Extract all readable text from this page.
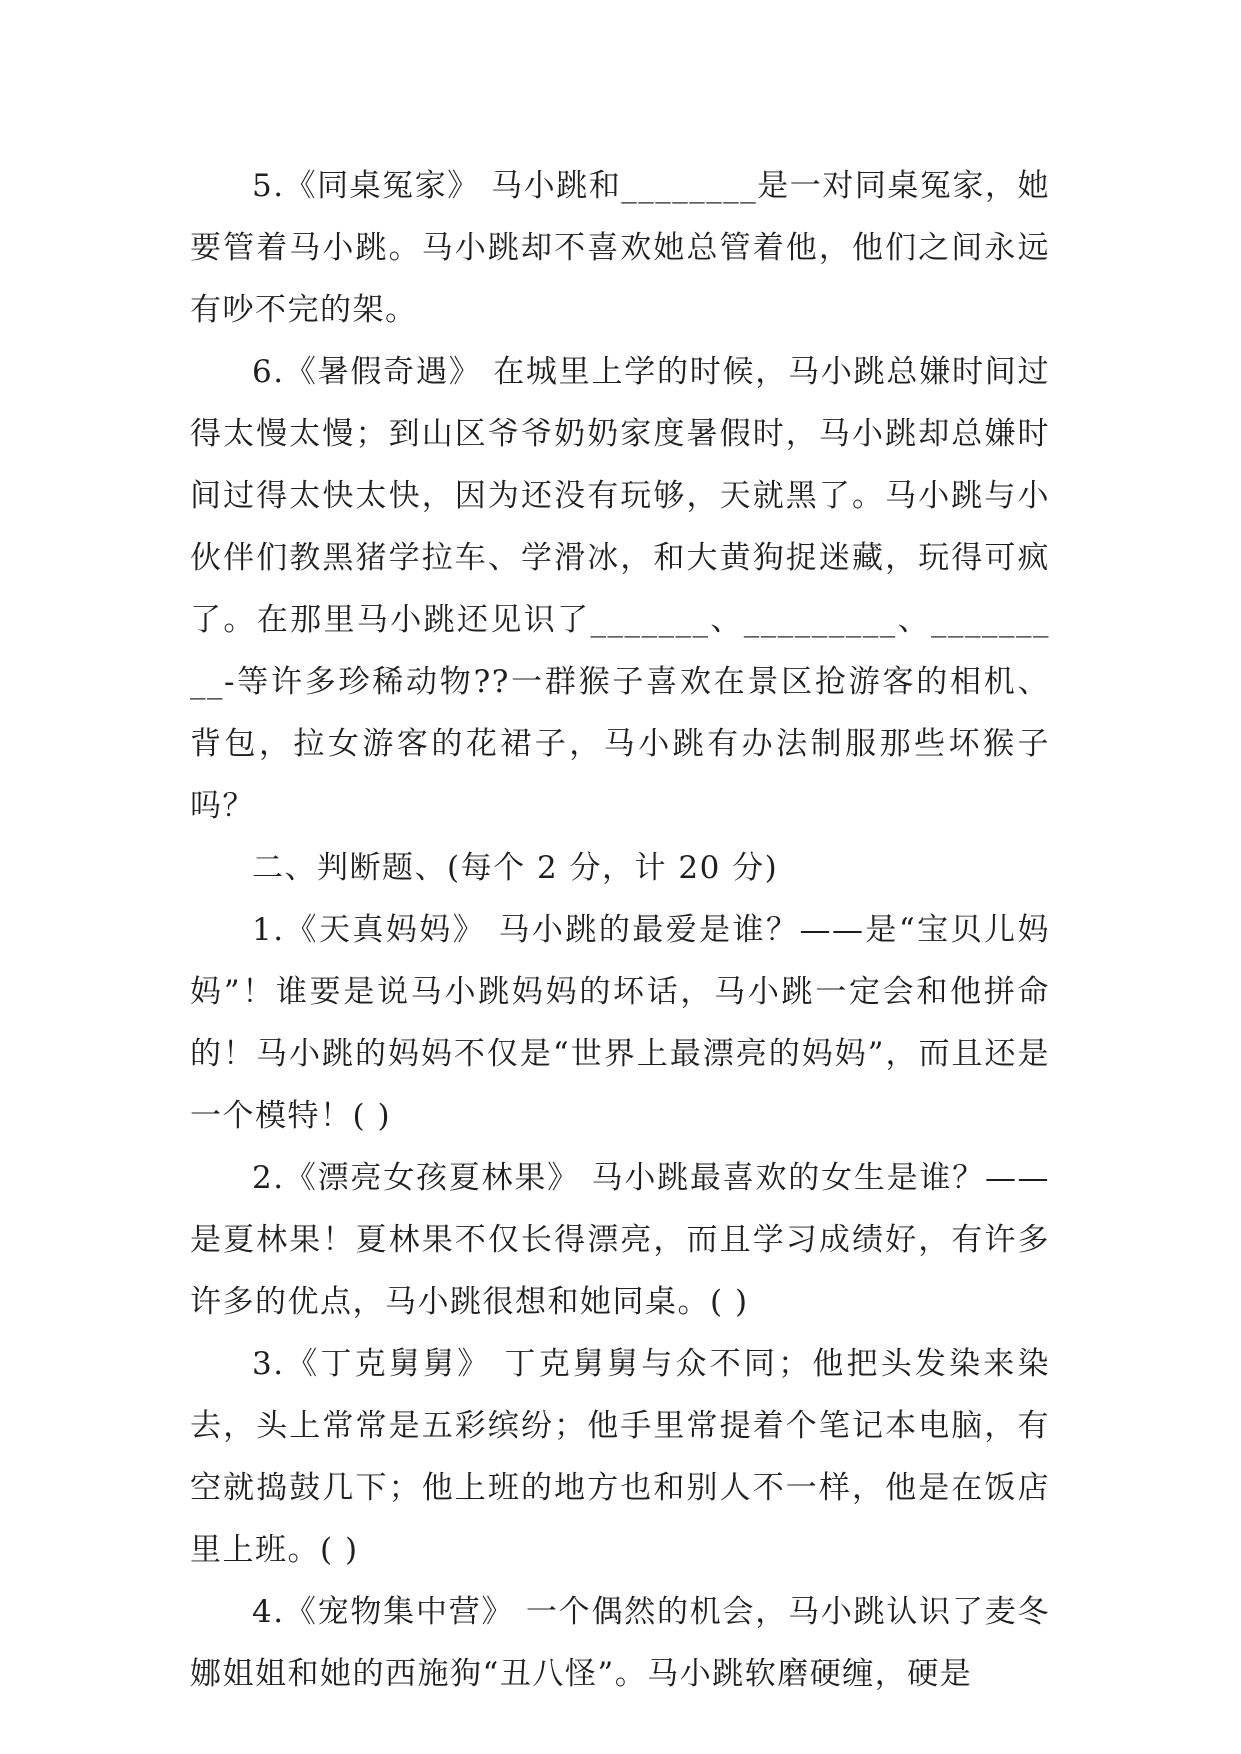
5.《同桌冤家》 马小跳和________是一对同桌冤家，她要管着马小跳。马小跳却不喜欢她总管着他，他们之间永远有吵不完的架。

6.《暑假奇遇》 在城里上学的时候，马小跳总嫌时间过得太慢太慢；到山区爷爷奶奶家度暑假时，马小跳却总嫌时间过得太快太快，因为还没有玩够，天就黑了。马小跳与小伙伴们教黑猪学拉车、学滑冰，和大黄狗捉迷藏，玩得可疯了。在那里马小跳还见识了_______、_________、_________-等许多珍稀动物??一群猴子喜欢在景区抢游客的相机、背包，拉女游客的花裙子，马小跳有办法制服那些坏猴子吗？

二、判断题、(每个 2 分，计 20 分)

1.《天真妈妈》 马小跳的最爱是谁？——是“宝贝儿妈妈”！谁要是说马小跳妈妈的坏话，马小跳一定会和他拼命的！马小跳的妈妈不仅是“世界上最漂亮的妈妈”，而且还是一个模特！( )

2.《漂亮女孩夏林果》 马小跳最喜欢的女生是谁？——是夏林果！夏林果不仅长得漂亮，而且学习成绩好，有许多许多的优点，马小跳很想和她同桌。( )

3.《丁克舅舅》 丁克舅舅与众不同；他把头发染来染去，头上常常是五彩缤纷；他手里常提着个笔记本电脑，有空就捣鼓几下；他上班的地方也和别人不一样，他是在饭店里上班。( )

4.《宠物集中营》 一个偶然的机会，马小跳认识了麦冬娜姐姐和她的西施狗“丑八怪”。马小跳软磨硬缠，硬是
